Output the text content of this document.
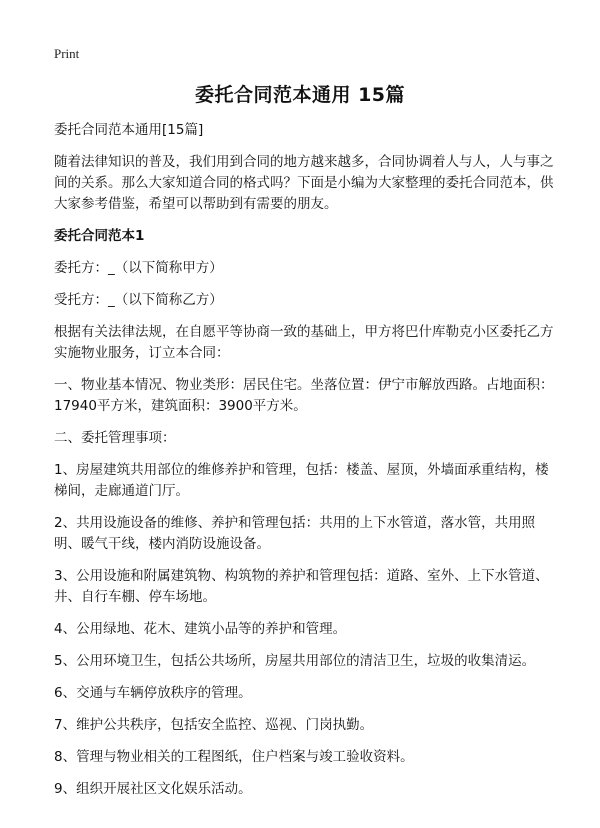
Print
委托合同范本通用 15篇

委托合同范本通用[15篇]

随着法律知识的普及，我们用到合同的地方越来越多，合同协调着人与人，人与事之间的关系。那么大家知道合同的格式吗？下面是小编为大家整理的委托合同范本，供大家参考借鉴，希望可以帮助到有需要的朋友。

委托合同范本1

委托方：_（以下简称甲方）

受托方：_（以下简称乙方）

根据有关法律法规，在自愿平等协商一致的基础上，甲方将巴什库勒克小区委托乙方实施物业服务，订立本合同：

一、物业基本情况、物业类形：居民住宅。坐落位置：伊宁市解放西路。占地面积：17940平方米，建筑面积：3900平方米。

二、委托管理事项：

1、房屋建筑共用部位的维修养护和管理，包括：楼盖、屋顶，外墙面承重结构，楼梯间，走廊通道门厅。

2、共用设施设备的维修、养护和管理包括：共用的上下水管道，落水管，共用照明、暖气干线，楼内消防设施设备。

3、公用设施和附属建筑物、构筑物的养护和管理包括：道路、室外、上下水管道、井、自行车棚、停车场地。

4、公用绿地、花木、建筑小品等的养护和管理。

5、公用环境卫生，包括公共场所，房屋共用部位的清洁卫生，垃圾的收集清运。

6、交通与车辆停放秩序的管理。

7、维护公共秩序，包括安全监控、巡视、门岗执勤。

8、管理与物业相关的工程图纸，住户档案与竣工验收资料。

9、组织开展社区文化娱乐活动。
